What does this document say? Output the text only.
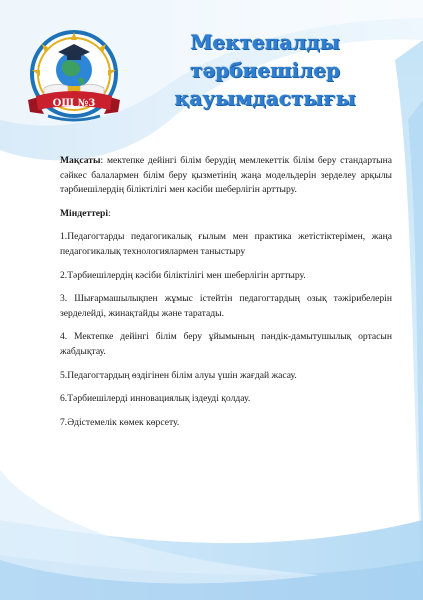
ОШ №3
Мектепалды тәрбиешілер
қауымдастығы

Мақсаты: мектепке дейінгі білім берудің мемлекеттік білім беру стандартына сәйкес балалармен білім беру қызметінің жаңа модельдерін зерделеу арқылы тәрбиешілердің біліктілігі мен кәсіби шеберлігін арттыру.

Міндеттері:

1.Педагогтарды педагогикалық ғылым мен практика жетістіктерімен, жаңа педагогикалық технологиялармен таныстыру

2.Тәрбиешілердің кәсіби біліктілігі мен шеберлігін арттыру.

3. Шығармашылықпен жұмыс істейтін педагогтардың озық тәжірибелерін зерделейді, жинақтайды және таратады.

4. Мектепке дейінгі білім беру ұйымының пәндік-дамытушылық ортасын жабдықтау.

5.Педагогтардың өздігінен білім алуы үшін жағдай жасау.

6.Тәрбиешілерді инновациялық іздеуді қолдау.

7.Әдістемелік көмек көрсету.
